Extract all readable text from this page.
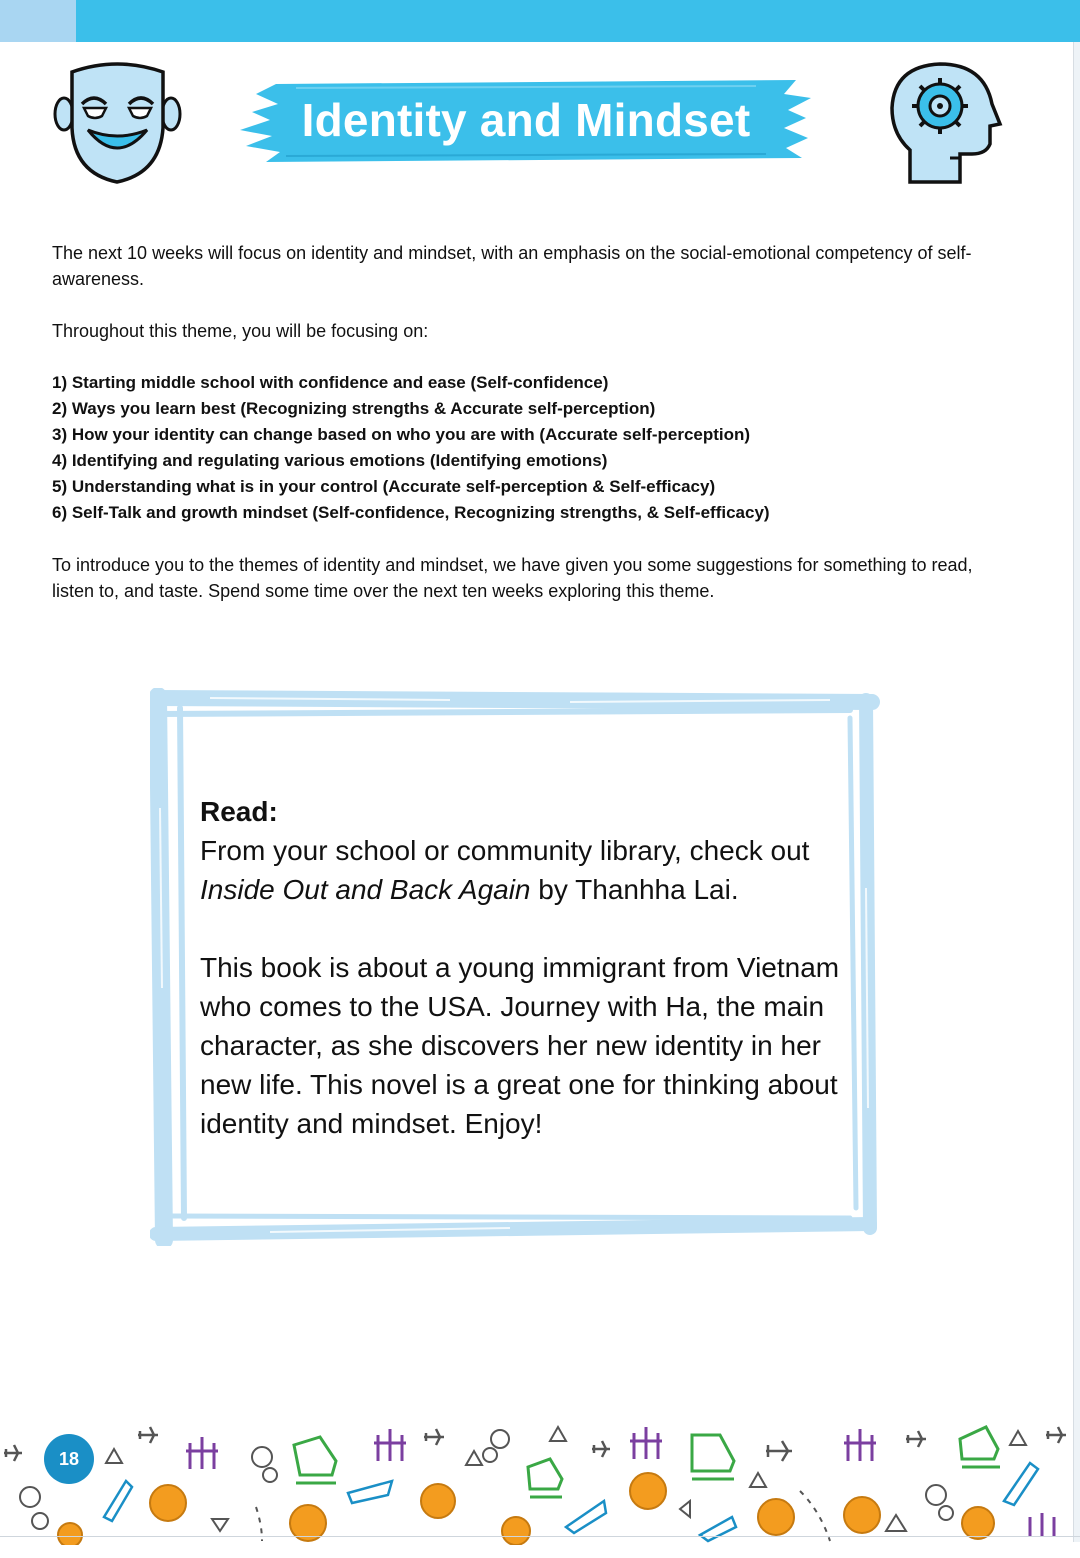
Identity and Mindset

The next 10 weeks will focus on identity and mindset, with an emphasis on the social-emotional competency of self-awareness.

Throughout this theme, you will be focusing on:
1) Starting middle school with confidence and ease (Self-confidence)
2) Ways you learn best (Recognizing strengths & Accurate self-perception)
3) How your identity can change based on who you are with (Accurate self-perception)
4) Identifying and regulating various emotions (Identifying emotions)
5) Understanding what is in your control (Accurate self-perception & Self-efficacy)
6) Self-Talk and growth mindset (Self-confidence, Recognizing strengths, & Self-efficacy)
To introduce you to the themes of identity and mindset, we have given you some suggestions for something to read, listen to, and taste. Spend some time over the next ten weeks exploring this theme.

Read:

From your school or community library, check out
Inside Out and Back Again by Thanhha Lai.

This book is about a young immigrant from Vietnam who comes to the USA. Journey with Ha, the main character, as she discovers her new identity in her new life. This novel is a great one for thinking about identity and mindset. Enjoy!

18
